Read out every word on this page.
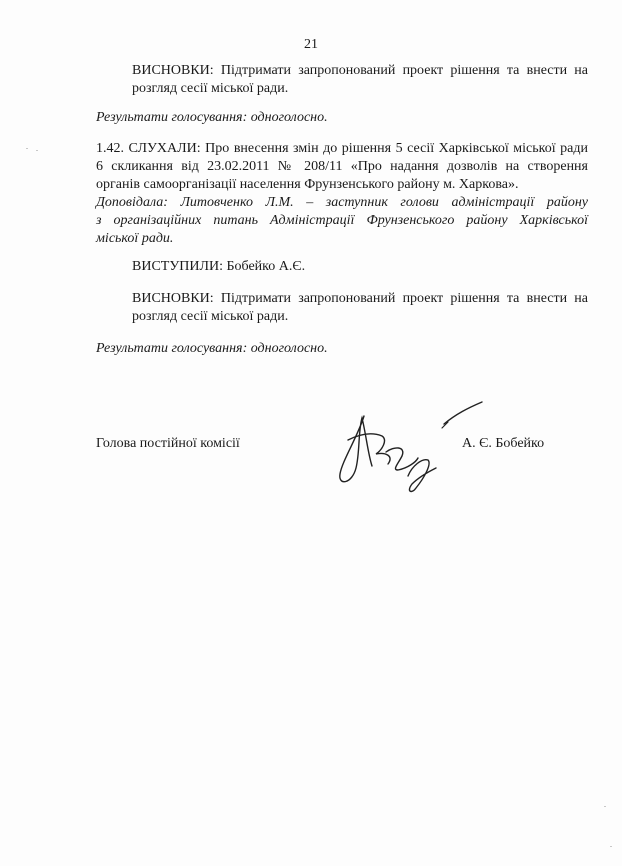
21
ВИСНОВКИ: Підтримати запропонований проект рішення та внести на
розгляд сесії міської ради.
Результати голосування: одноголосно.
1.42. СЛУХАЛИ: Про внесення змін до рішення 5 сесії Харківської міської ради
6 скликання від 23.02.2011 № 208/11 «Про надання дозволів на створення
органів самоорганізації населення Фрунзенського району м. Харкова».
Доповідала: Литовченко Л.М. – заступник голови адміністрації району
з організаційних питань Адміністрації Фрунзенського району Харківської
міської ради.
ВИСТУПИЛИ: Бобейко А.Є.
ВИСНОВКИ: Підтримати запропонований проект рішення та внести на
розгляд сесії міської ради.
Результати голосування: одноголосно.
Голова постійної комісії	А. Є. Бобейко
